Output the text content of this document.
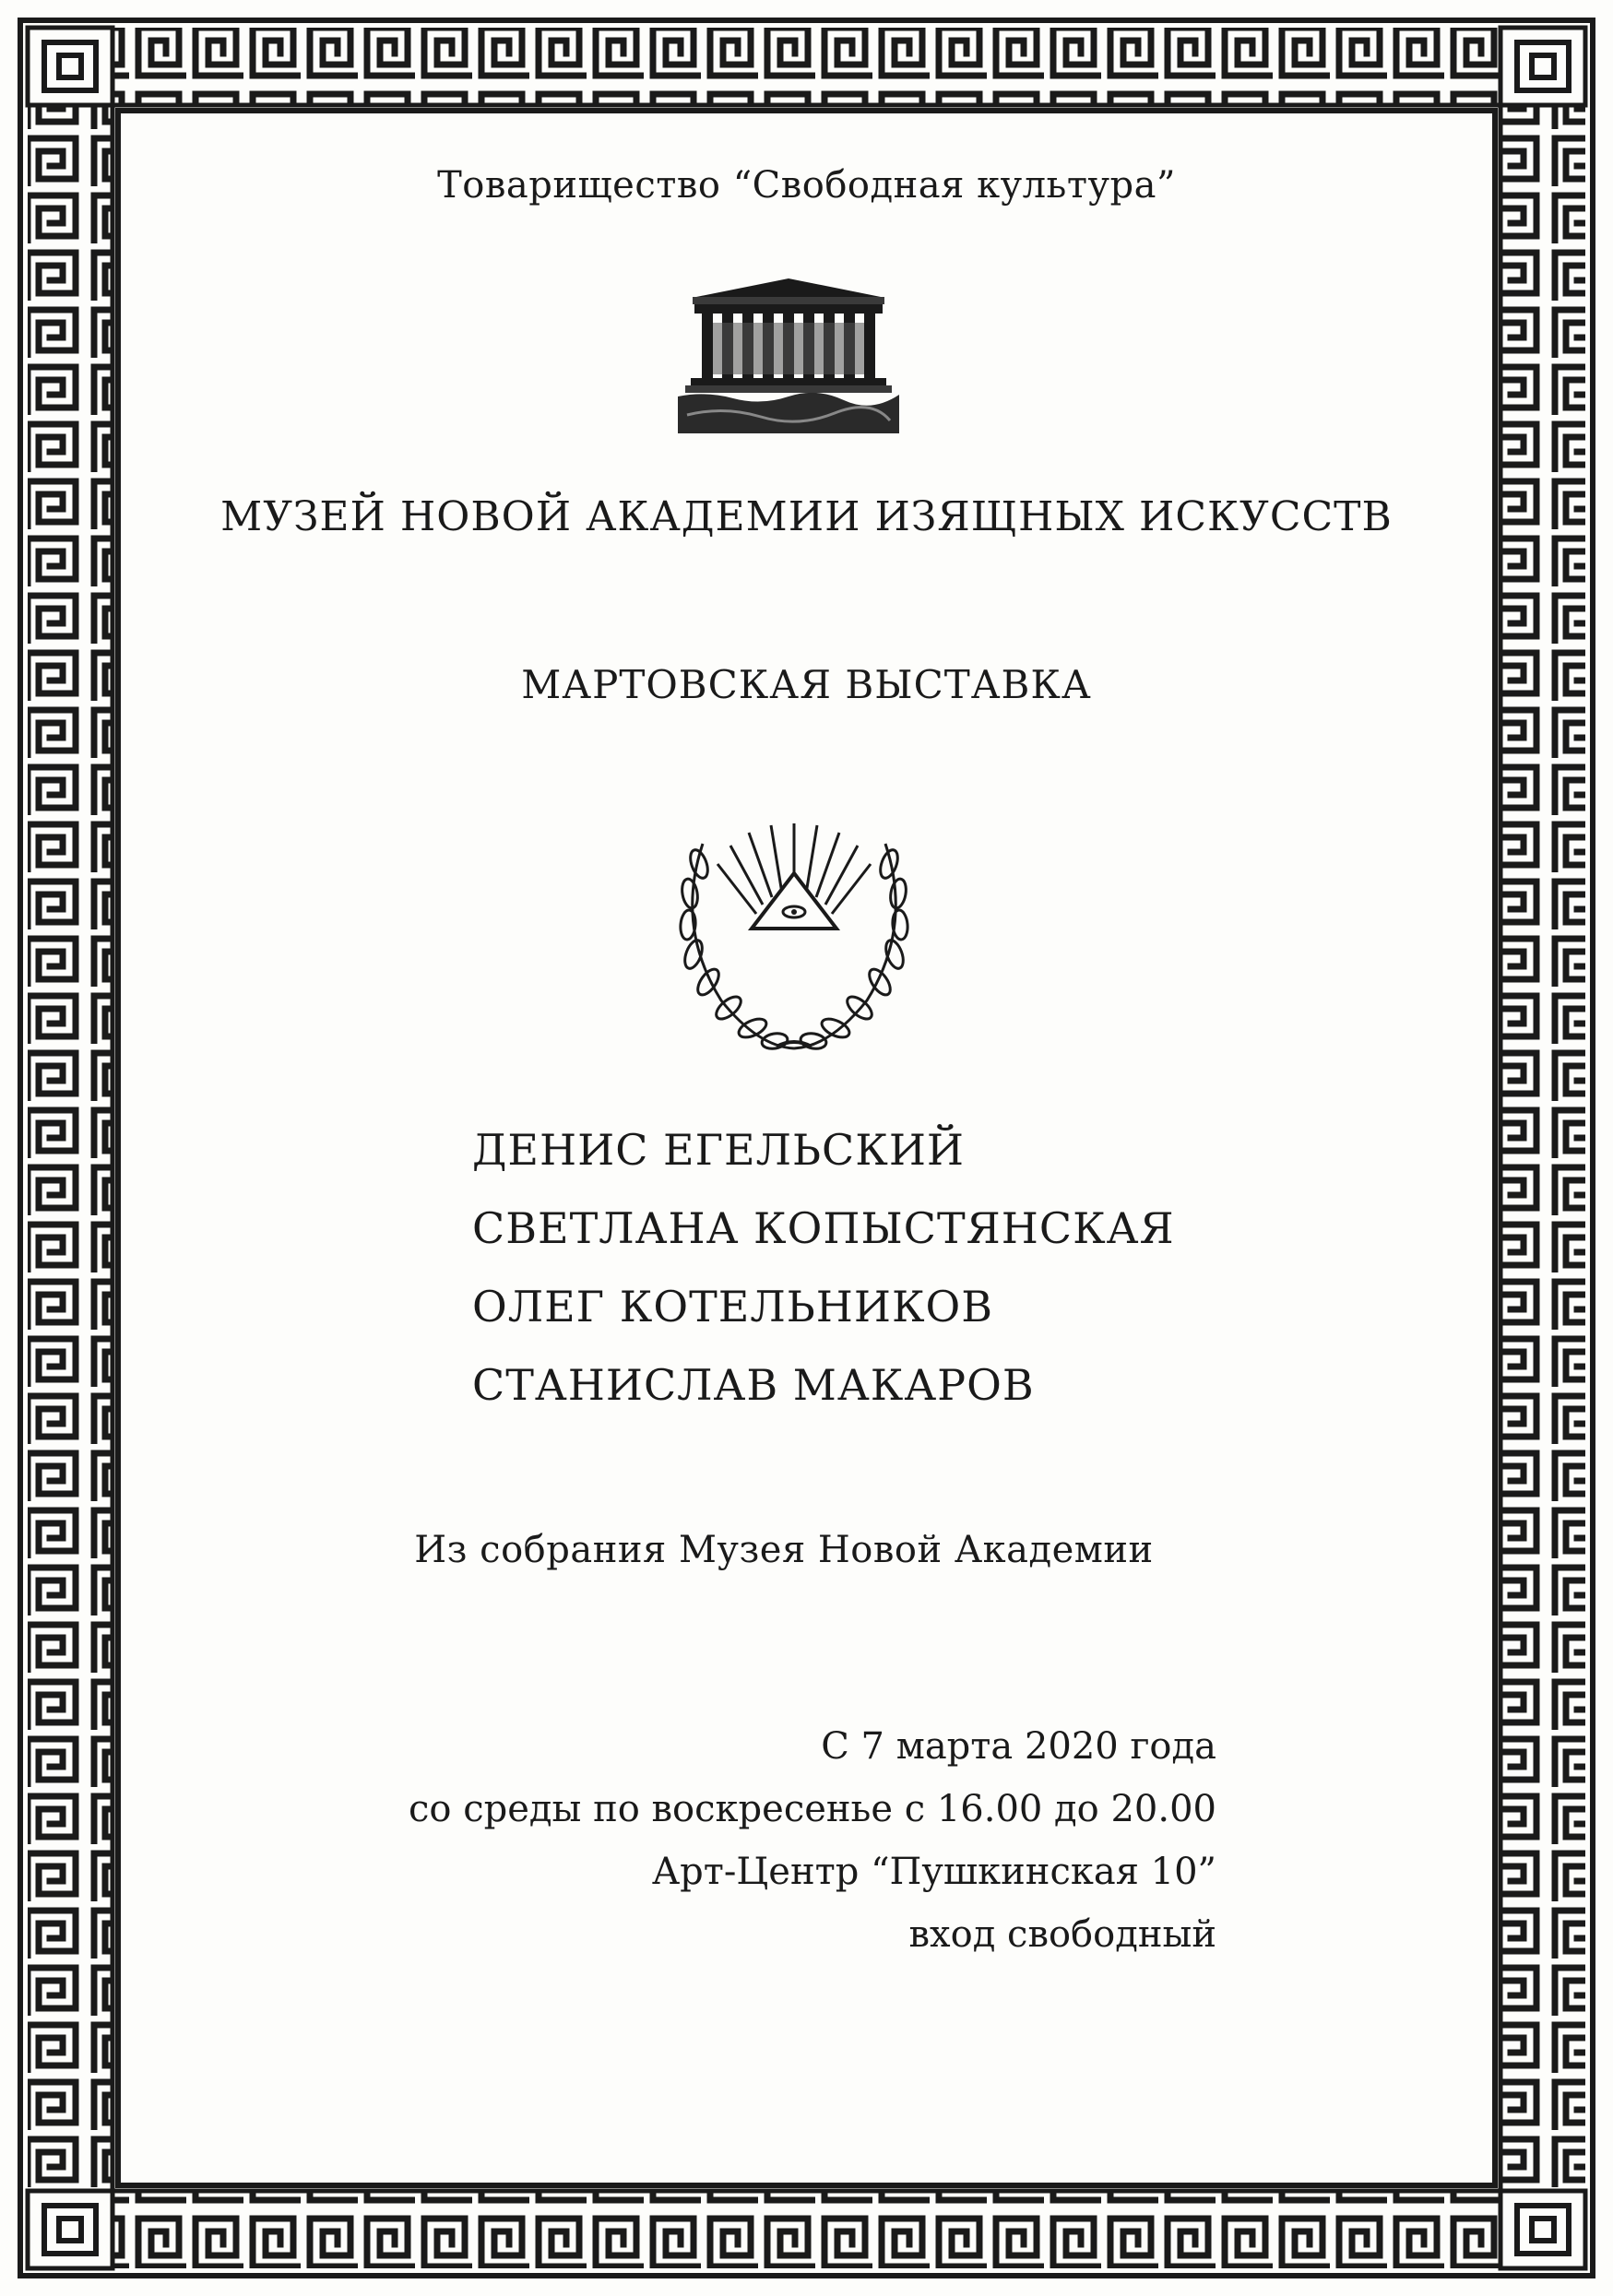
Товарищество “Свободная культура”
МУЗЕЙ НОВОЙ АКАДЕМИИ ИЗЯЩНЫХ ИСКУССТВ
МАРТОВСКАЯ ВЫСТАВКА
ДЕНИС ЕГЕЛЬСКИЙ
СВЕТЛАНА КОПЫСТЯНСКАЯ
ОЛЕГ КОТЕЛЬНИКОВ
СТАНИСЛАВ МАКАРОВ
Из собрания Музея Новой Академии
С 7 марта 2020 года
со среды по воскресенье с 16.00 до 20.00
Арт-Центр “Пушкинская 10”
вход свободный
